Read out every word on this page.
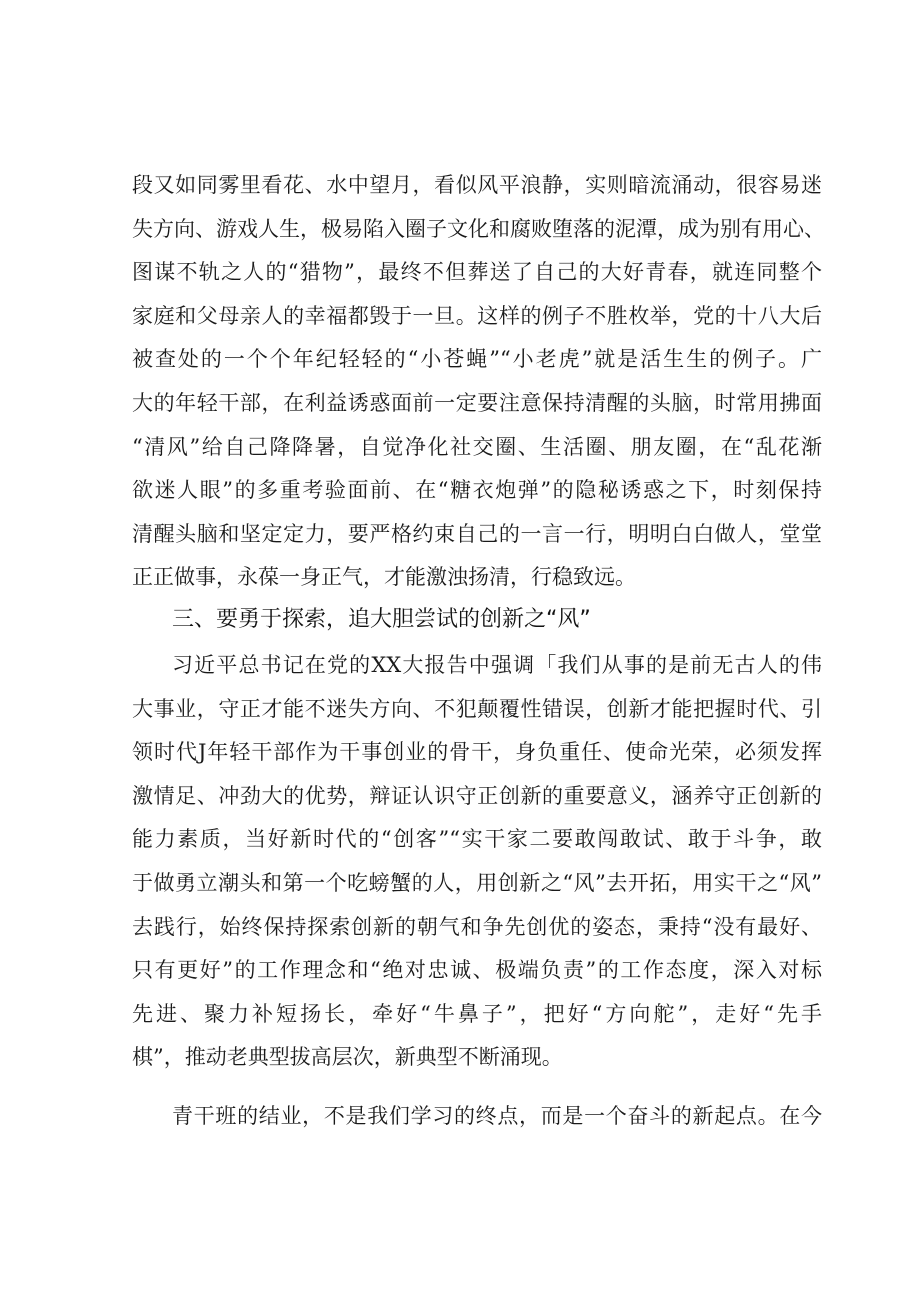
段又如同雾里看花、水中望月，看似风平浪静，实则暗流涌动，很容易迷
失方向、游戏人生，极易陷入圈子文化和腐败堕落的泥潭，成为别有用心、
图谋不轨之人的“猎物”，最终不但葬送了自己的大好青春，就连同整个
家庭和父母亲人的幸福都毁于一旦。这样的例子不胜枚举，党的十八大后
被查处的一个个年纪轻轻的“小苍蝇”“小老虎”就是活生生的例子。广
大的年轻干部，在利益诱惑面前一定要注意保持清醒的头脑，时常用拂面
“清风”给自己降降暑，自觉净化社交圈、生活圈、朋友圈，在“乱花渐
欲迷人眼”的多重考验面前、在“糖衣炮弹”的隐秘诱惑之下，时刻保持
清醒头脑和坚定定力，要严格约束自己的一言一行，明明白白做人，堂堂
正正做事，永葆一身正气，才能激浊扬清，行稳致远。
三、要勇于探索，追大胆尝试的创新之“风”
习近平总书记在党的XX大报告中强调「我们从事的是前无古人的伟
大事业，守正才能不迷失方向、不犯颠覆性错误，创新才能把握时代、引
领时代J年轻干部作为干事创业的骨干，身负重任、使命光荣，必须发挥
激情足、冲劲大的优势，辩证认识守正创新的重要意义，涵养守正创新的
能力素质，当好新时代的“创客”“实干家二要敢闯敢试、敢于斗争，敢
于做勇立潮头和第一个吃螃蟹的人，用创新之“风”去开拓，用实干之“风”
去践行，始终保持探索创新的朝气和争先创优的姿态，秉持“没有最好、
只有更好”的工作理念和“绝对忠诚、极端负责”的工作态度，深入对标
先进、聚力补短扬长，牵好“牛鼻子”，把好“方向舵”，走好“先手
棋”，推动老典型拔高层次，新典型不断涌现。
青干班的结业，不是我们学习的终点，而是一个奋斗的新起点。在今
